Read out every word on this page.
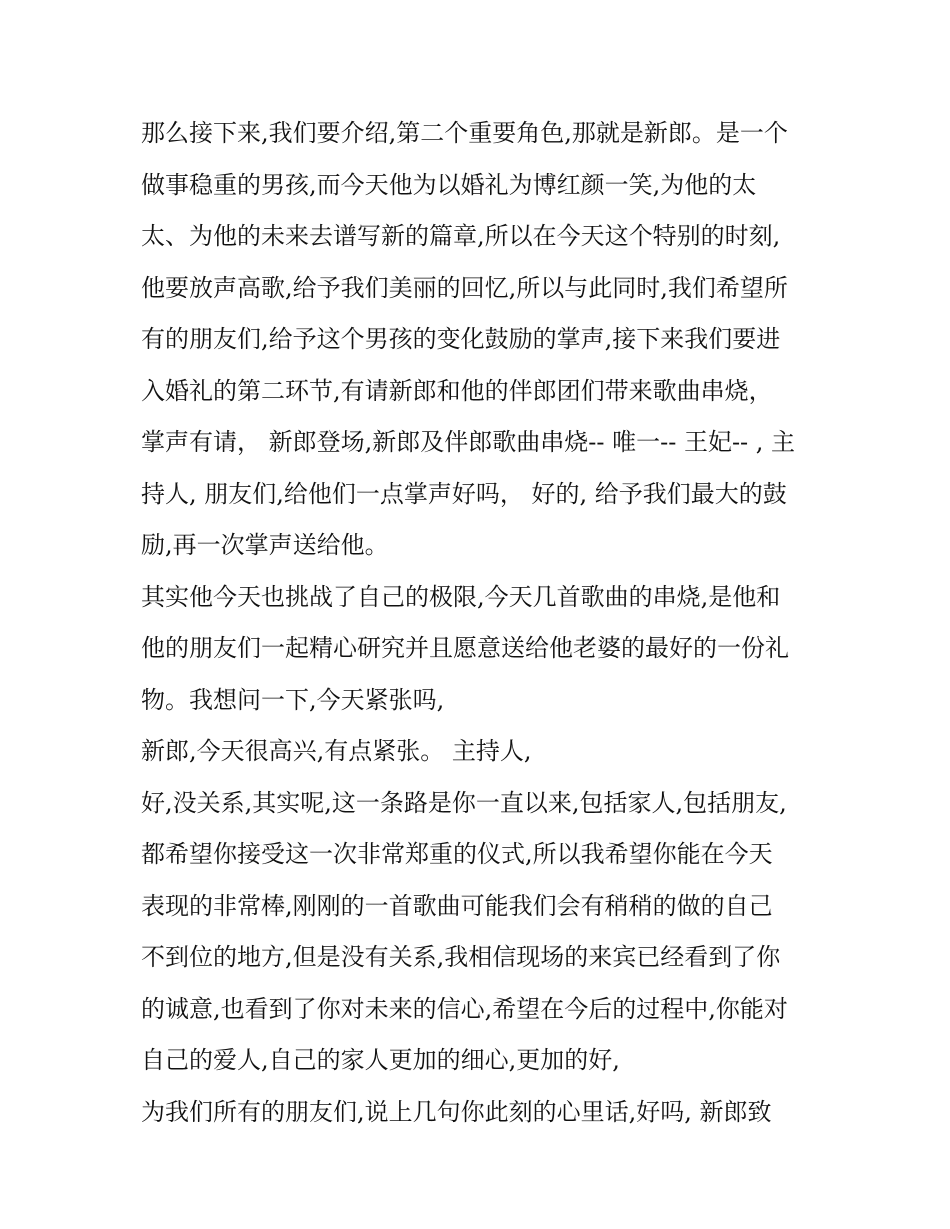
那么接下来,我们要介绍,第二个重要角色,那就是新郎。是一个
做事稳重的男孩,而今天他为以婚礼为博红颜一笑,为他的太
太、为他的未来去谱写新的篇章,所以在今天这个特别的时刻,
他要放声高歌,给予我们美丽的回忆,所以与此同时,我们希望所
有的朋友们,给予这个男孩的变化鼓励的掌声,接下来我们要进
入婚礼的第二环节,有请新郎和他的伴郎团们带来歌曲串烧，
掌声有请， 新郎登场,新郎及伴郎歌曲串烧-- 唯一-- 王妃-- , 主
持人, 朋友们,给他们一点掌声好吗， 好的, 给予我们最大的鼓
励,再一次掌声送给他。
其实他今天也挑战了自己的极限,今天几首歌曲的串烧,是他和
他的朋友们一起精心研究并且愿意送给他老婆的最好的一份礼
物。我想问一下,今天紧张吗,
新郎,今天很高兴,有点紧张。 主持人,
好,没关系,其实呢,这一条路是你一直以来,包括家人,包括朋友,
都希望你接受这一次非常郑重的仪式,所以我希望你能在今天
表现的非常棒,刚刚的一首歌曲可能我们会有稍稍的做的自己
不到位的地方,但是没有关系,我相信现场的来宾已经看到了你
的诚意,也看到了你对未来的信心,希望在今后的过程中,你能对
自己的爱人,自己的家人更加的细心,更加的好,
为我们所有的朋友们,说上几句你此刻的心里话,好吗, 新郎致
